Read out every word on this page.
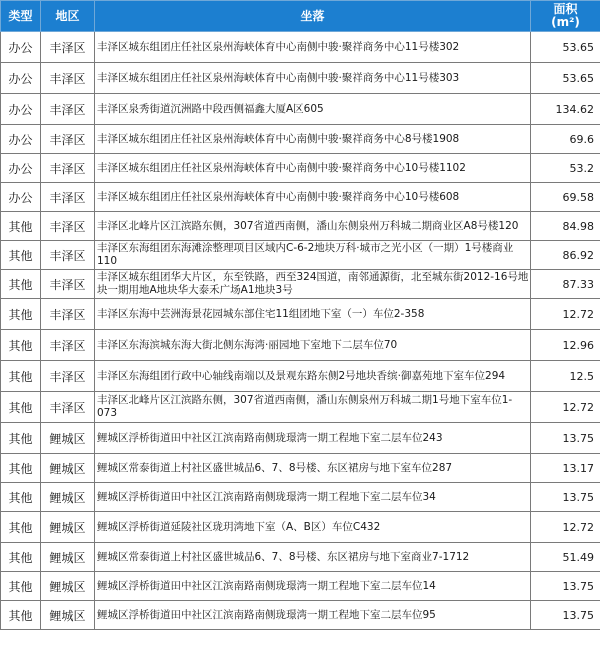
类型	地区	坐落	面积
(m²)

办公	丰泽区	丰泽区城东组团庄任社区泉州海峡体育中心南侧中骏·聚祥商务中心11号楼302	53.65
办公	丰泽区	丰泽区城东组团庄任社区泉州海峡体育中心南侧中骏·聚祥商务中心11号楼303	53.65
办公	丰泽区	丰泽区泉秀街道沉洲路中段西侧福鑫大厦A区605	134.62
办公	丰泽区	丰泽区城东组团庄任社区泉州海峡体育中心南侧中骏·聚祥商务中心8号楼1908	69.6
办公	丰泽区	丰泽区城东组团庄任社区泉州海峡体育中心南侧中骏·聚祥商务中心10号楼1102	53.2
办公	丰泽区	丰泽区城东组团庄任社区泉州海峡体育中心南侧中骏·聚祥商务中心10号楼608	69.58
其他	丰泽区	丰泽区北峰片区江滨路东侧，307省道西南侧，潘山东侧泉州万科城二期商业区A8号楼120	84.98
其他	丰泽区	丰泽区东海组团东海滩涂整理项目区域内C-6-2地块万科·城市之光小区（一期）1号楼商业110	86.92
其他	丰泽区	丰泽区城东组团华大片区，东至铁路，西至324国道，南邻通源街，北至城东街2012-16号地块一期用地A地块华大泰禾广场A1地块3号	87.33
其他	丰泽区	丰泽区东海中芸洲海景花园城东部住宅11组团地下室（一）车位2-358	12.72
其他	丰泽区	丰泽区东海滨城东海大街北侧东海湾·丽园地下室地下二层车位70	12.96
其他	丰泽区	丰泽区东海组团行政中心轴线南端以及景观东路东侧2号地块香缤·御嘉苑地下室车位294	12.5
其他	丰泽区	丰泽区北峰片区江滨路东侧，307省道西南侧，潘山东侧泉州万科城二期1号地下室车位1-073	12.72
其他	鲤城区	鲤城区浮桥街道田中社区江滨南路南侧珑璟湾一期工程地下室二层车位243	13.75
其他	鲤城区	鲤城区常泰街道上村社区盛世城品6、7、8号楼、东区裙房与地下室车位287	13.17
其他	鲤城区	鲤城区浮桥街道田中社区江滨南路南侧珑璟湾一期工程地下室二层车位34	13.75
其他	鲤城区	鲤城区浮桥街道延陵社区珑玥湾地下室（A、B区）车位C432	12.72
其他	鲤城区	鲤城区常泰街道上村社区盛世城品6、7、8号楼、东区裙房与地下室商业7-1712	51.49
其他	鲤城区	鲤城区浮桥街道田中社区江滨南路南侧珑璟湾一期工程地下室二层车位14	13.75
其他	鲤城区	鲤城区浮桥街道田中社区江滨南路南侧珑璟湾一期工程地下室二层车位95	13.75
